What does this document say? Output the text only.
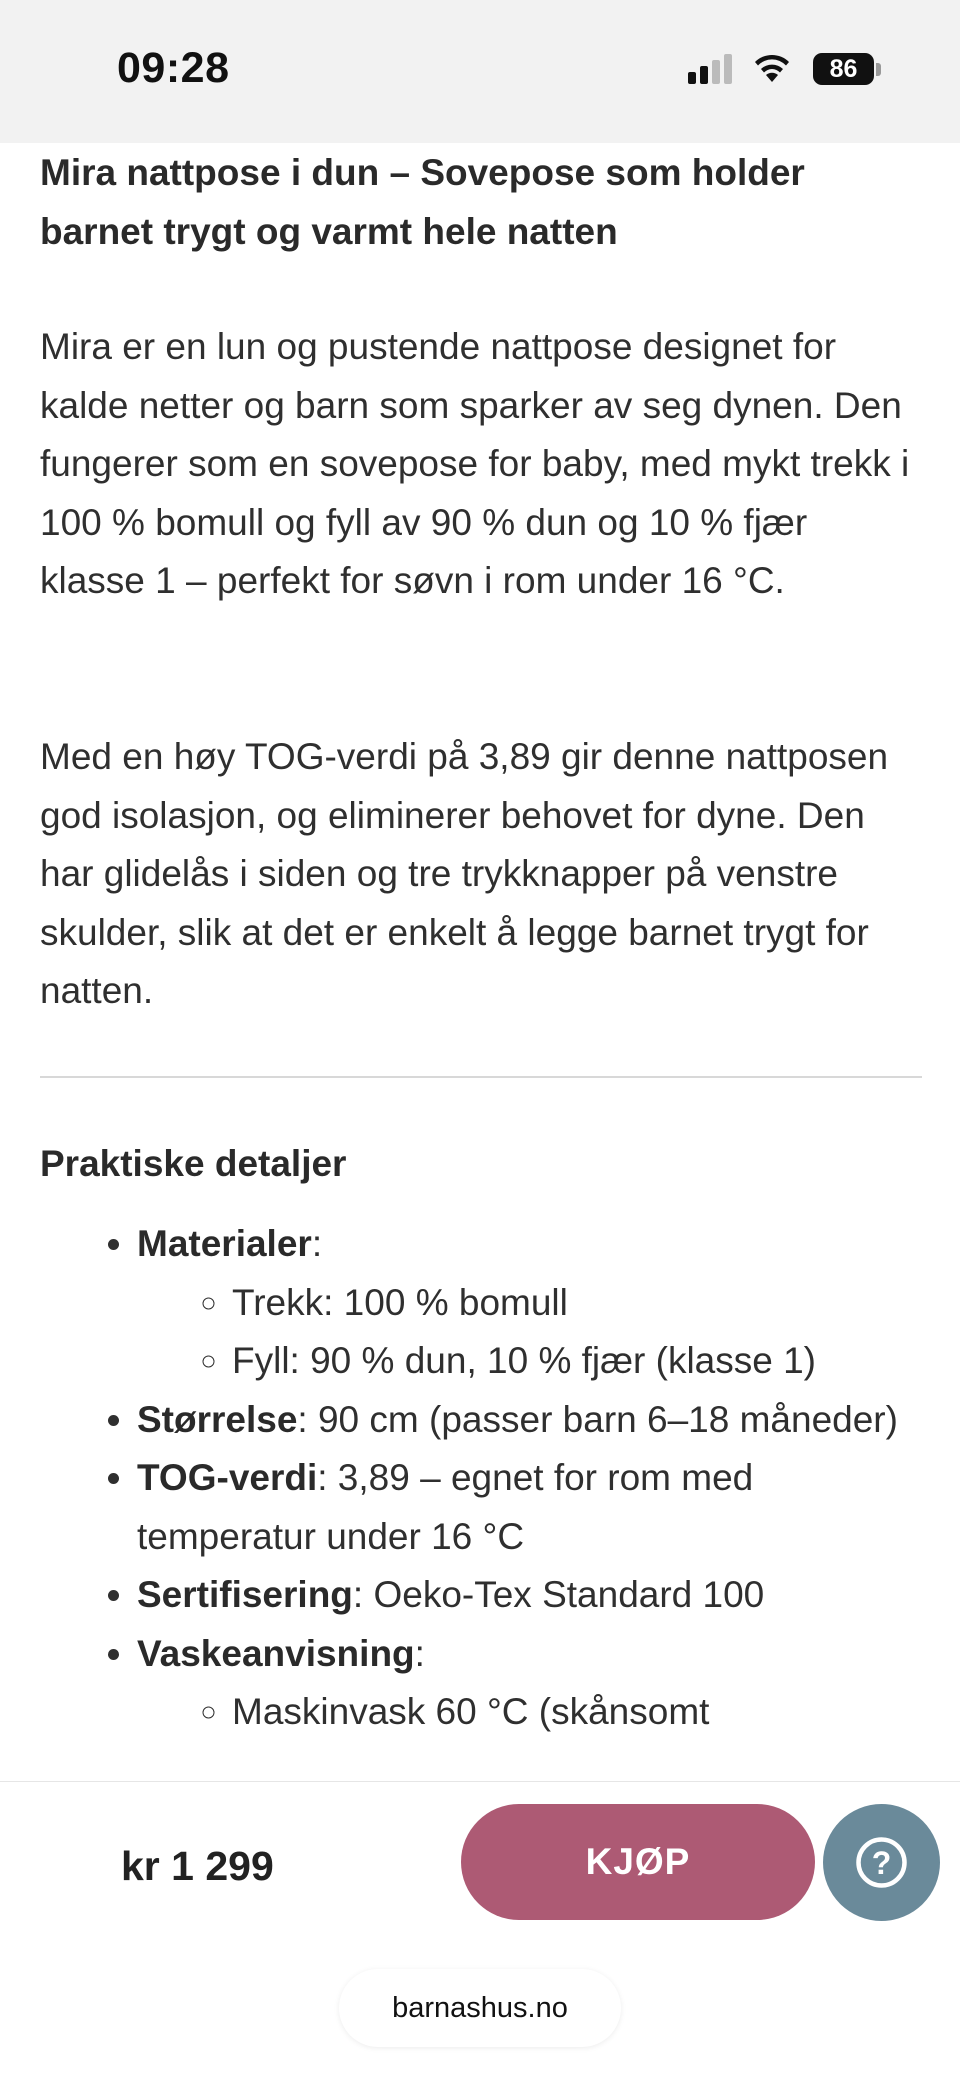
09:28	86
Mira nattpose i dun – Sovepose som holder barnet trygt og varmt hele natten

Mira er en lun og pustende nattpose designet for kalde netter og barn som sparker av seg dynen. Den fungerer som en sovepose for baby, med mykt trekk i 100 % bomull og fyll av 90 % dun og 10 % fjær klasse 1 – perfekt for søvn i rom under 16 °C.

Med en høy TOG-verdi på 3,89 gir denne nattposen god isolasjon, og eliminerer behovet for dyne. Den har glidelås i siden og tre trykknapper på venstre skulder, slik at det er enkelt å legge barnet trygt for natten.

Praktiske detaljer
• Materialer:
◦ Trekk: 100 % bomull
◦ Fyll: 90 % dun, 10 % fjær (klasse 1)
• Størrelse: 90 cm (passer barn 6–18 måneder)
• TOG-verdi: 3,89 – egnet for rom med temperatur under 16 °C
• Sertifisering: Oeko-Tex Standard 100
• Vaskeanvisning:
◦ Maskinvask 60 °C (skånsomt
kr 1 299	KJØP	?
barnashus.no
